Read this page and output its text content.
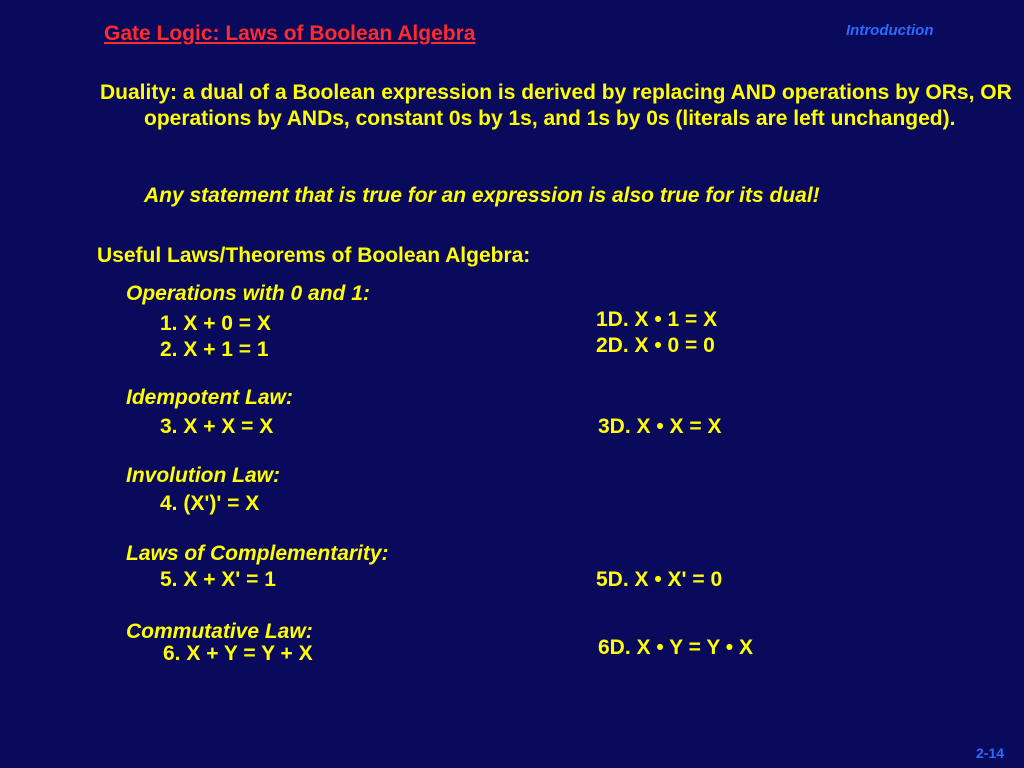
Gate Logic: Laws of Boolean Algebra	Introduction
Duality: a dual of a Boolean expression is derived by replacing AND operations by ORs, OR operations by ANDs, constant 0s by 1s, and 1s by 0s (literals are left unchanged).
Any statement that is true for an expression is also true for its dual!
Useful Laws/Theorems of Boolean Algebra:
Operations with 0 and 1:
1. X + 0 = X	1D. X • 1 = X
2. X + 1 = 1	2D. X • 0 = 0
Idempotent Law:
3. X + X = X	3D. X • X = X
Involution Law:
4. (X')' = X
Laws of Complementarity:
5. X + X' = 1	5D. X • X' = 0
Commutative Law:
6. X + Y = Y + X	6D. X • Y = Y • X
2-14
